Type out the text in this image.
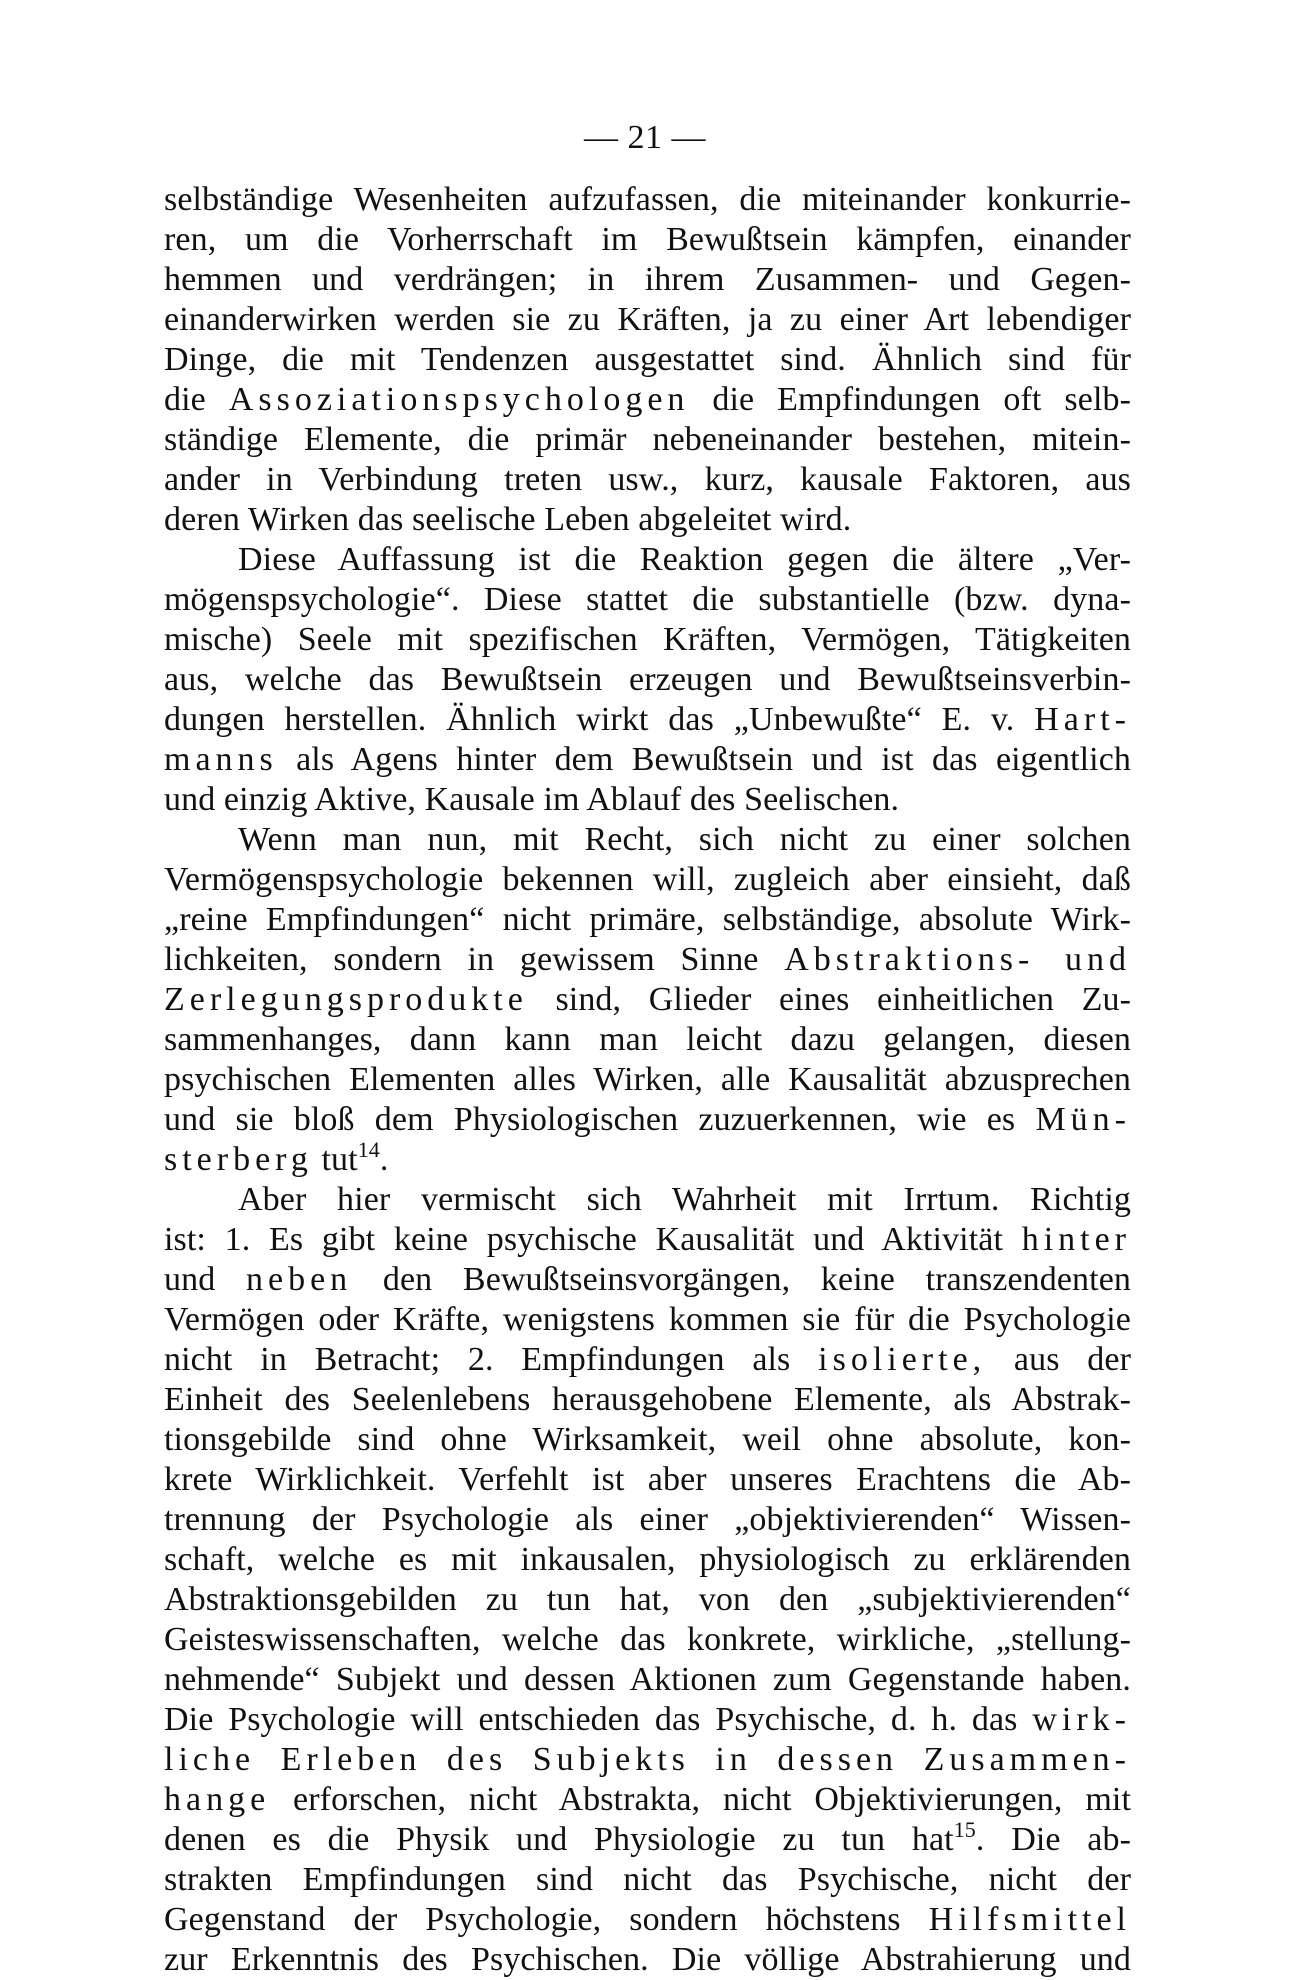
— 21 —
selbständige Wesenheiten aufzufassen, die miteinander konkurrie-
ren, um die Vorherrschaft im Bewußtsein kämpfen, einander
hemmen und verdrängen; in ihrem Zusammen- und Gegen-
einanderwirken werden sie zu Kräften, ja zu einer Art lebendiger
Dinge, die mit Tendenzen ausgestattet sind. Ähnlich sind für
die Assoziationspsychologen die Empfindungen oft selb-
ständige Elemente, die primär nebeneinander bestehen, mitein-
ander in Verbindung treten usw., kurz, kausale Faktoren, aus
deren Wirken das seelische Leben abgeleitet wird.
Diese Auffassung ist die Reaktion gegen die ältere „Ver-
mögenspsychologie“. Diese stattet die substantielle (bzw. dyna-
mische) Seele mit spezifischen Kräften, Vermögen, Tätigkeiten
aus, welche das Bewußtsein erzeugen und Bewußtseinsverbin-
dungen herstellen. Ähnlich wirkt das „Unbewußte“ E. v. Hart-
manns als Agens hinter dem Bewußtsein und ist das eigentlich
und einzig Aktive, Kausale im Ablauf des Seelischen.
Wenn man nun, mit Recht, sich nicht zu einer solchen
Vermögenspsychologie bekennen will, zugleich aber einsieht, daß
„reine Empfindungen“ nicht primäre, selbständige, absolute Wirk-
lichkeiten, sondern in gewissem Sinne Abstraktions- und
Zerlegungsprodukte sind, Glieder eines einheitlichen Zu-
sammenhanges, dann kann man leicht dazu gelangen, diesen
psychischen Elementen alles Wirken, alle Kausalität abzusprechen
und sie bloß dem Physiologischen zuzuerkennen, wie es Mün-
sterberg tut$^{14}$.
Aber hier vermischt sich Wahrheit mit Irrtum. Richtig
ist: 1. Es gibt keine psychische Kausalität und Aktivität hinter
und neben den Bewußtseinsvorgängen, keine transzendenten
Vermögen oder Kräfte, wenigstens kommen sie für die Psychologie
nicht in Betracht; 2. Empfindungen als isolierte, aus der
Einheit des Seelenlebens herausgehobene Elemente, als Abstrak-
tionsgebilde sind ohne Wirksamkeit, weil ohne absolute, kon-
krete Wirklichkeit. Verfehlt ist aber unseres Erachtens die Ab-
trennung der Psychologie als einer „objektivierenden“ Wissen-
schaft, welche es mit inkausalen, physiologisch zu erklärenden
Abstraktionsgebilden zu tun hat, von den „subjektivierenden“
Geisteswissenschaften, welche das konkrete, wirkliche, „stellung-
nehmende“ Subjekt und dessen Aktionen zum Gegenstande haben.
Die Psychologie will entschieden das Psychische, d. h. das wirk-
liche Erleben des Subjekts in dessen Zusammen-
hange erforschen, nicht Abstrakta, nicht Objektivierungen, mit
denen es die Physik und Physiologie zu tun hat$^{15}$. Die ab-
strakten Empfindungen sind nicht das Psychische, nicht der
Gegenstand der Psychologie, sondern höchstens Hilfsmittel
zur Erkenntnis des Psychischen. Die völlige Abstrahierung und
